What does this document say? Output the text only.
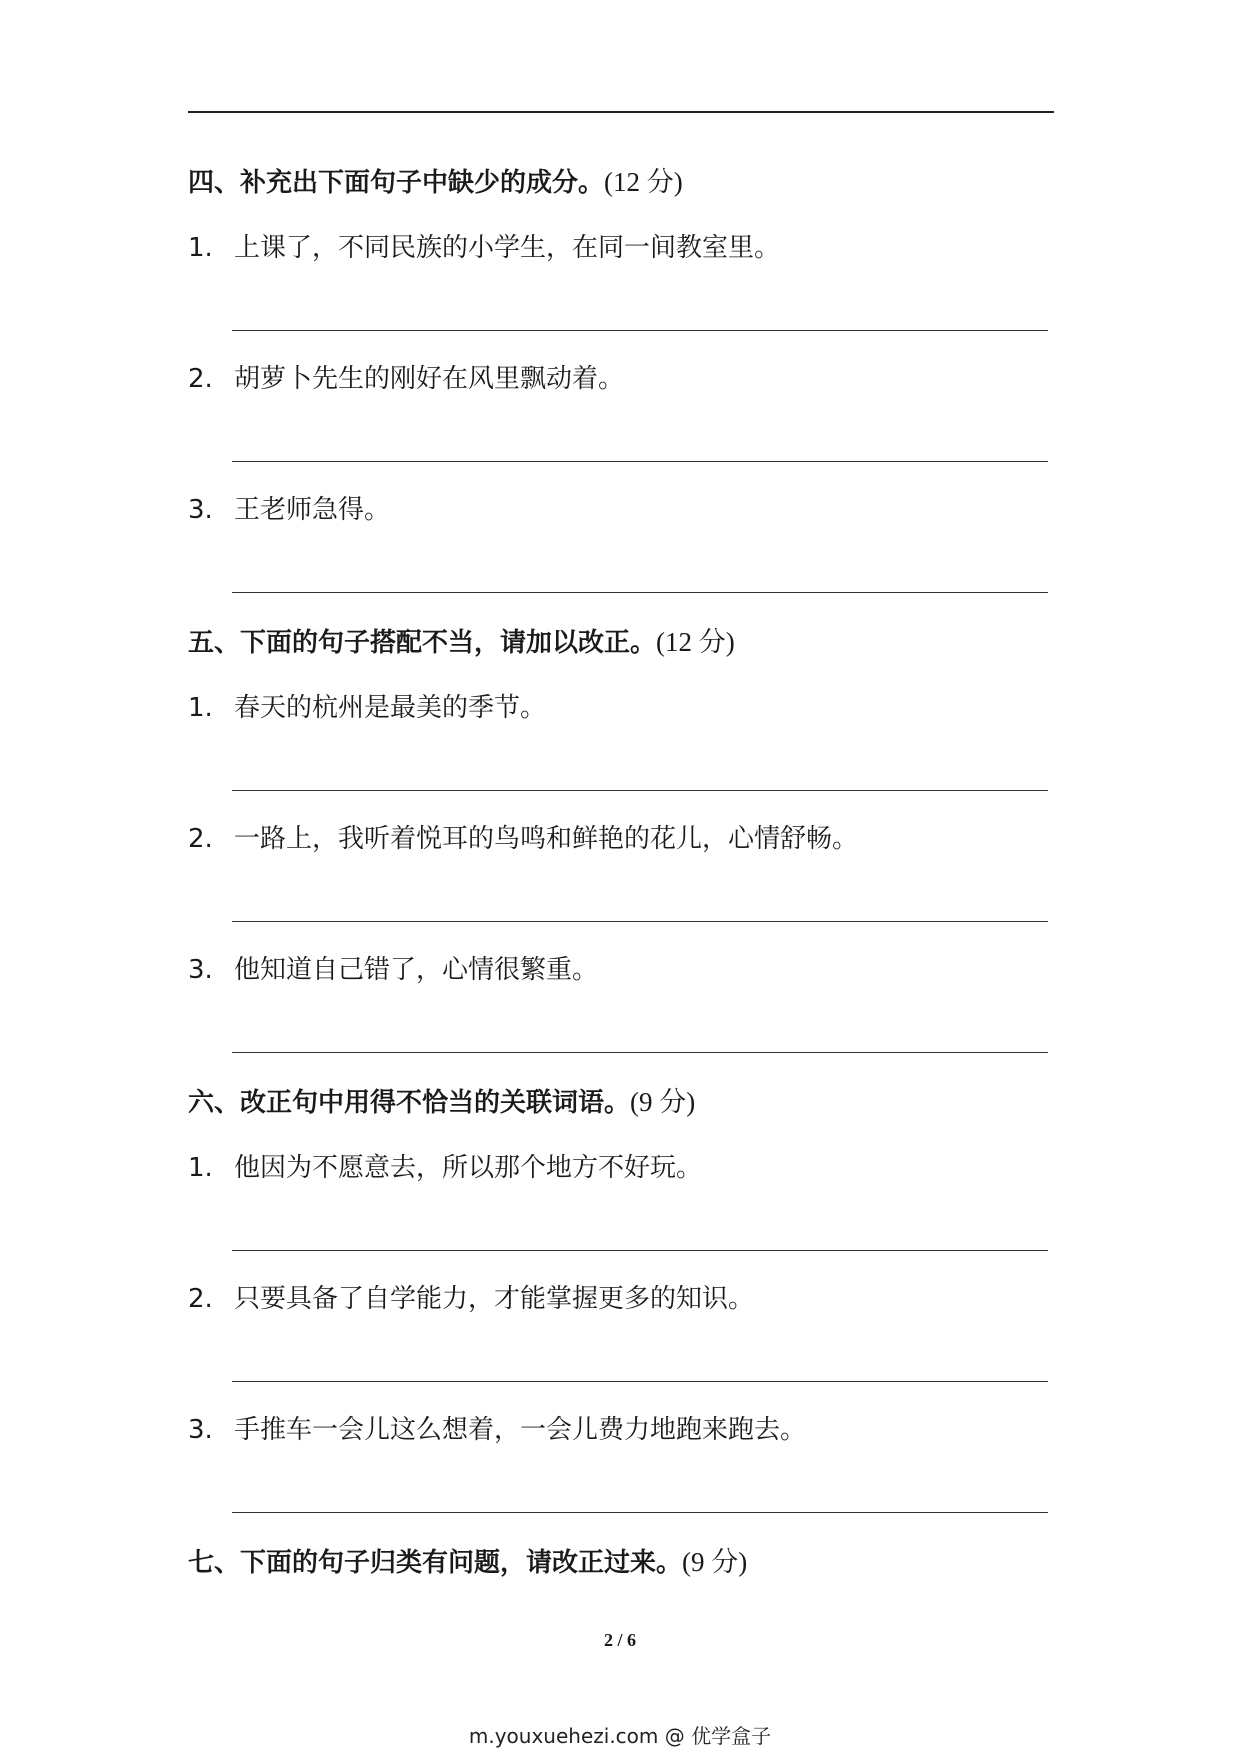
四、补充出下面句子中缺少的成分。(12 分)
1. 上课了，不同民族的小学生，在同一间教室里。
2. 胡萝卜先生的刚好在风里飘动着。
3. 王老师急得。
五、下面的句子搭配不当，请加以改正。(12 分)
1. 春天的杭州是最美的季节。
2. 一路上，我听着悦耳的鸟鸣和鲜艳的花儿，心情舒畅。
3. 他知道自己错了，心情很繁重。
六、改正句中用得不恰当的关联词语。(9 分)
1. 他因为不愿意去，所以那个地方不好玩。
2. 只要具备了自学能力，才能掌握更多的知识。
3. 手推车一会儿这么想着，一会儿费力地跑来跑去。
七、下面的句子归类有问题，请改正过来。(9 分)
2 / 6
m.youxuehezi.com @ 优学盒子
